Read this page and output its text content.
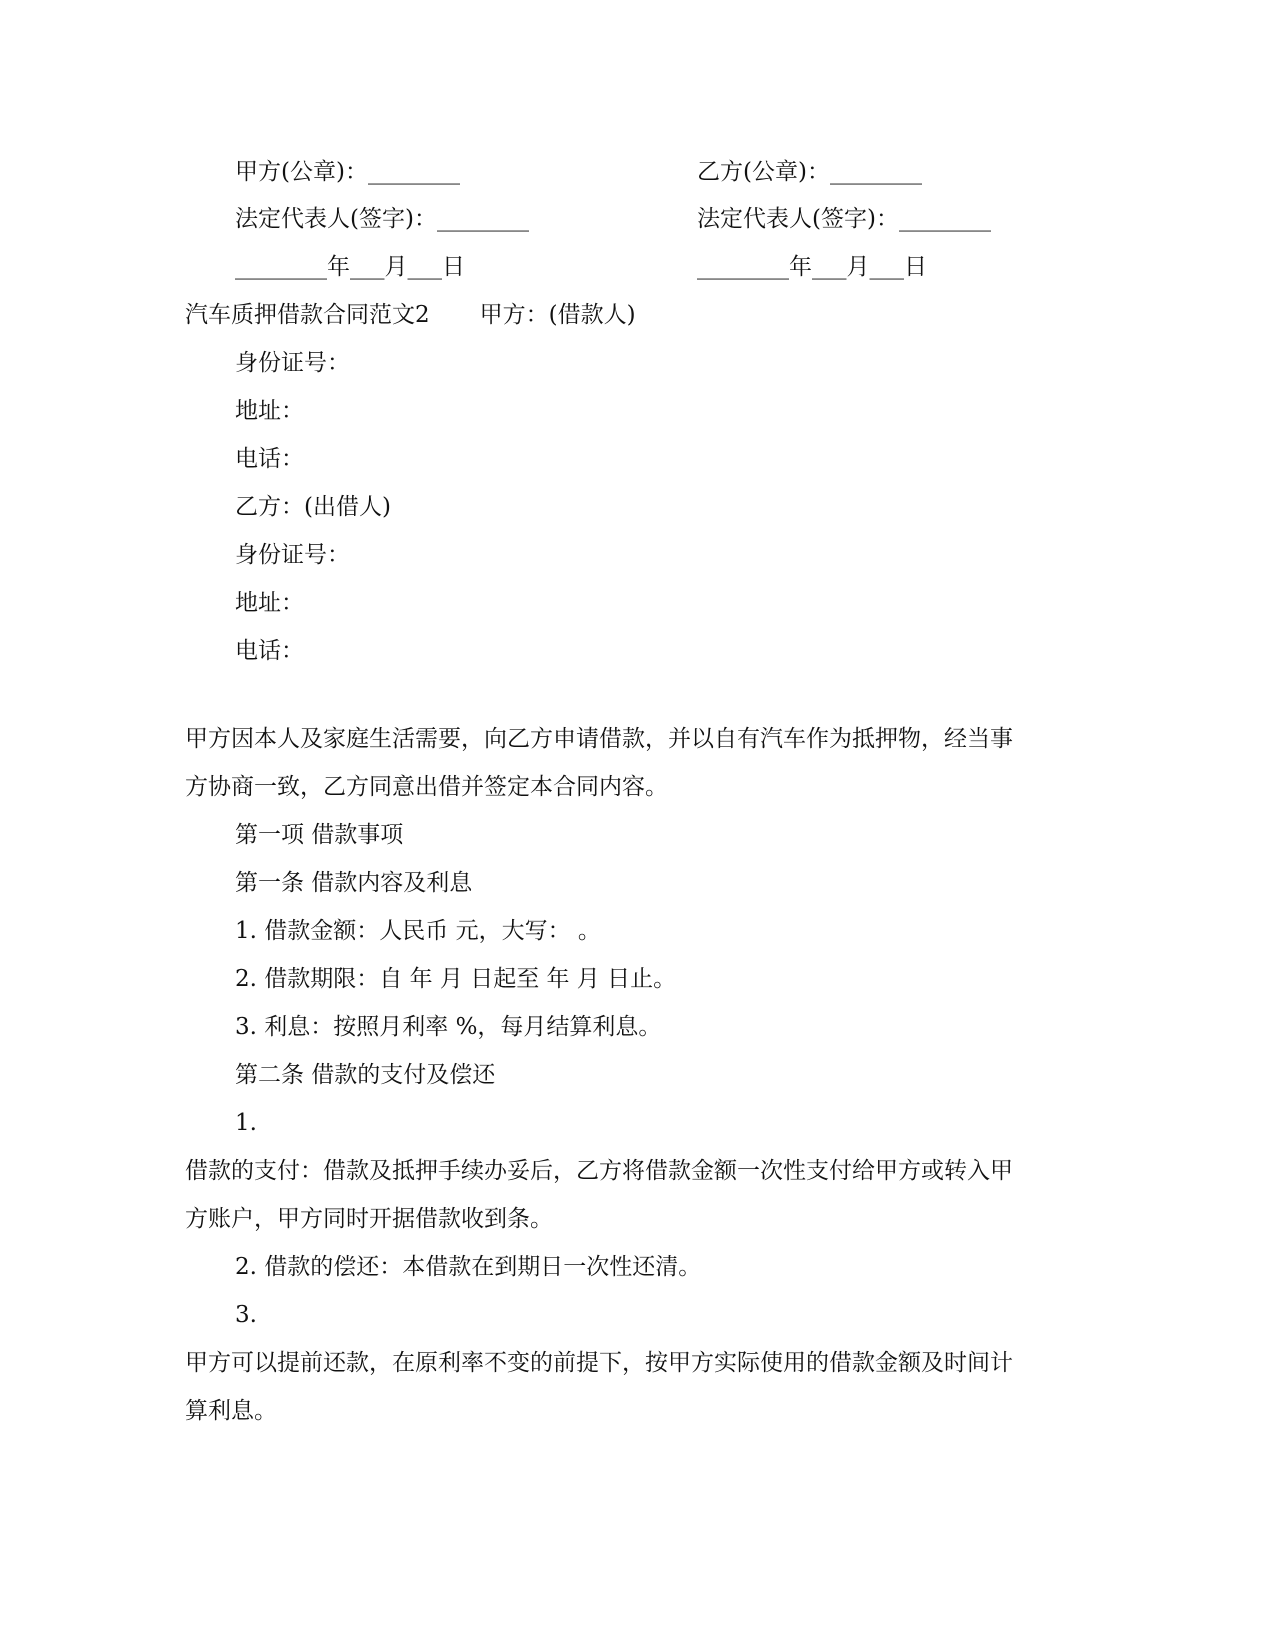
甲方(公章)：________	乙方(公章)：________
法定代表人(签字)：________	法定代表人(签字)：________
________年___月___日	________年___月___日
汽车质押借款合同范文2 甲方：(借款人)
身份证号：
地址：
电话：
乙方：(出借人)
身份证号：
地址：
电话：
甲方因本人及家庭生活需要，向乙方申请借款，并以自有汽车作为抵押物，经当事
方协商一致，乙方同意出借并签定本合同内容。
第一项 借款事项
第一条 借款内容及利息
1. 借款金额：人民币 元，大写： 。
2. 借款期限：自 年 月 日起至 年 月 日止。
3. 利息：按照月利率 %，每月结算利息。
第二条 借款的支付及偿还
1.
借款的支付：借款及抵押手续办妥后，乙方将借款金额一次性支付给甲方或转入甲
方账户，甲方同时开据借款收到条。
2. 借款的偿还：本借款在到期日一次性还清。
3.
甲方可以提前还款，在原利率不变的前提下，按甲方实际使用的借款金额及时间计
算利息。
